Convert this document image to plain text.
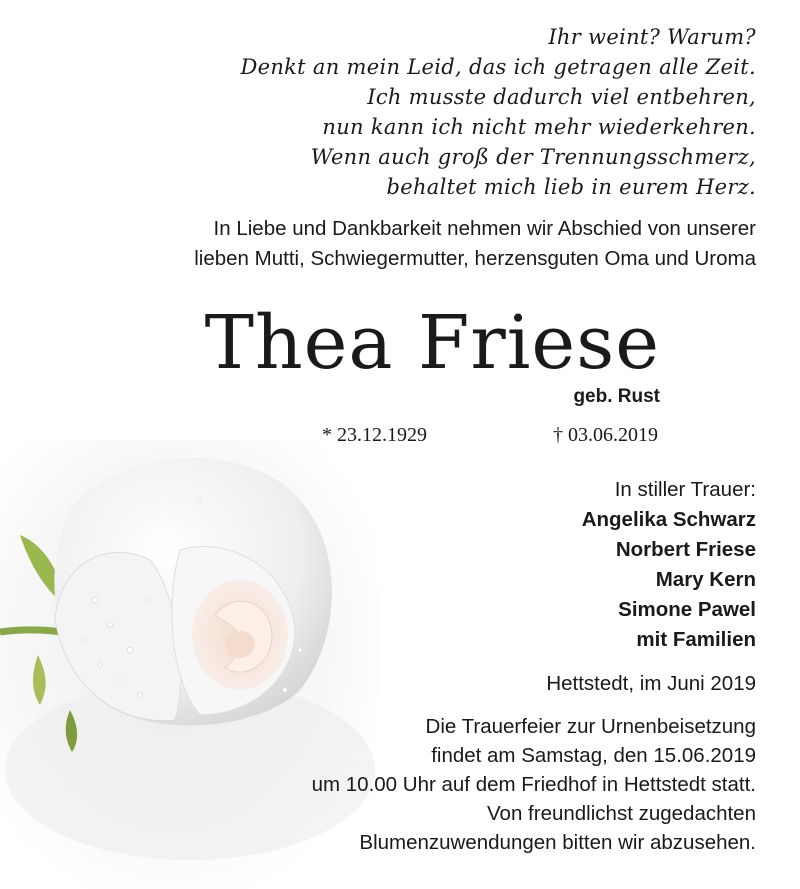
Ihr weint? Warum?
Denkt an mein Leid, das ich getragen alle Zeit.
Ich musste dadurch viel entbehren,
nun kann ich nicht mehr wiederkehren.
Wenn auch groß der Trennungsschmerz,
behaltet mich lieb in eurem Herz.
In Liebe und Dankbarkeit nehmen wir Abschied von unserer
lieben Mutti, Schwiegermutter, herzensguten Oma und Uroma
Thea Friese
geb. Rust
* 23.12.1929	† 03.06.2019
In stiller Trauer:
Angelika Schwarz
Norbert Friese
Mary Kern
Simone Pawel
mit Familien
Hettstedt, im Juni 2019
Die Trauerfeier zur Urnenbeisetzung
findet am Samstag, den 15.06.2019
um 10.00 Uhr auf dem Friedhof in Hettstedt statt.
Von freundlichst zugedachten
Blumenzuwendungen bitten wir abzusehen.
